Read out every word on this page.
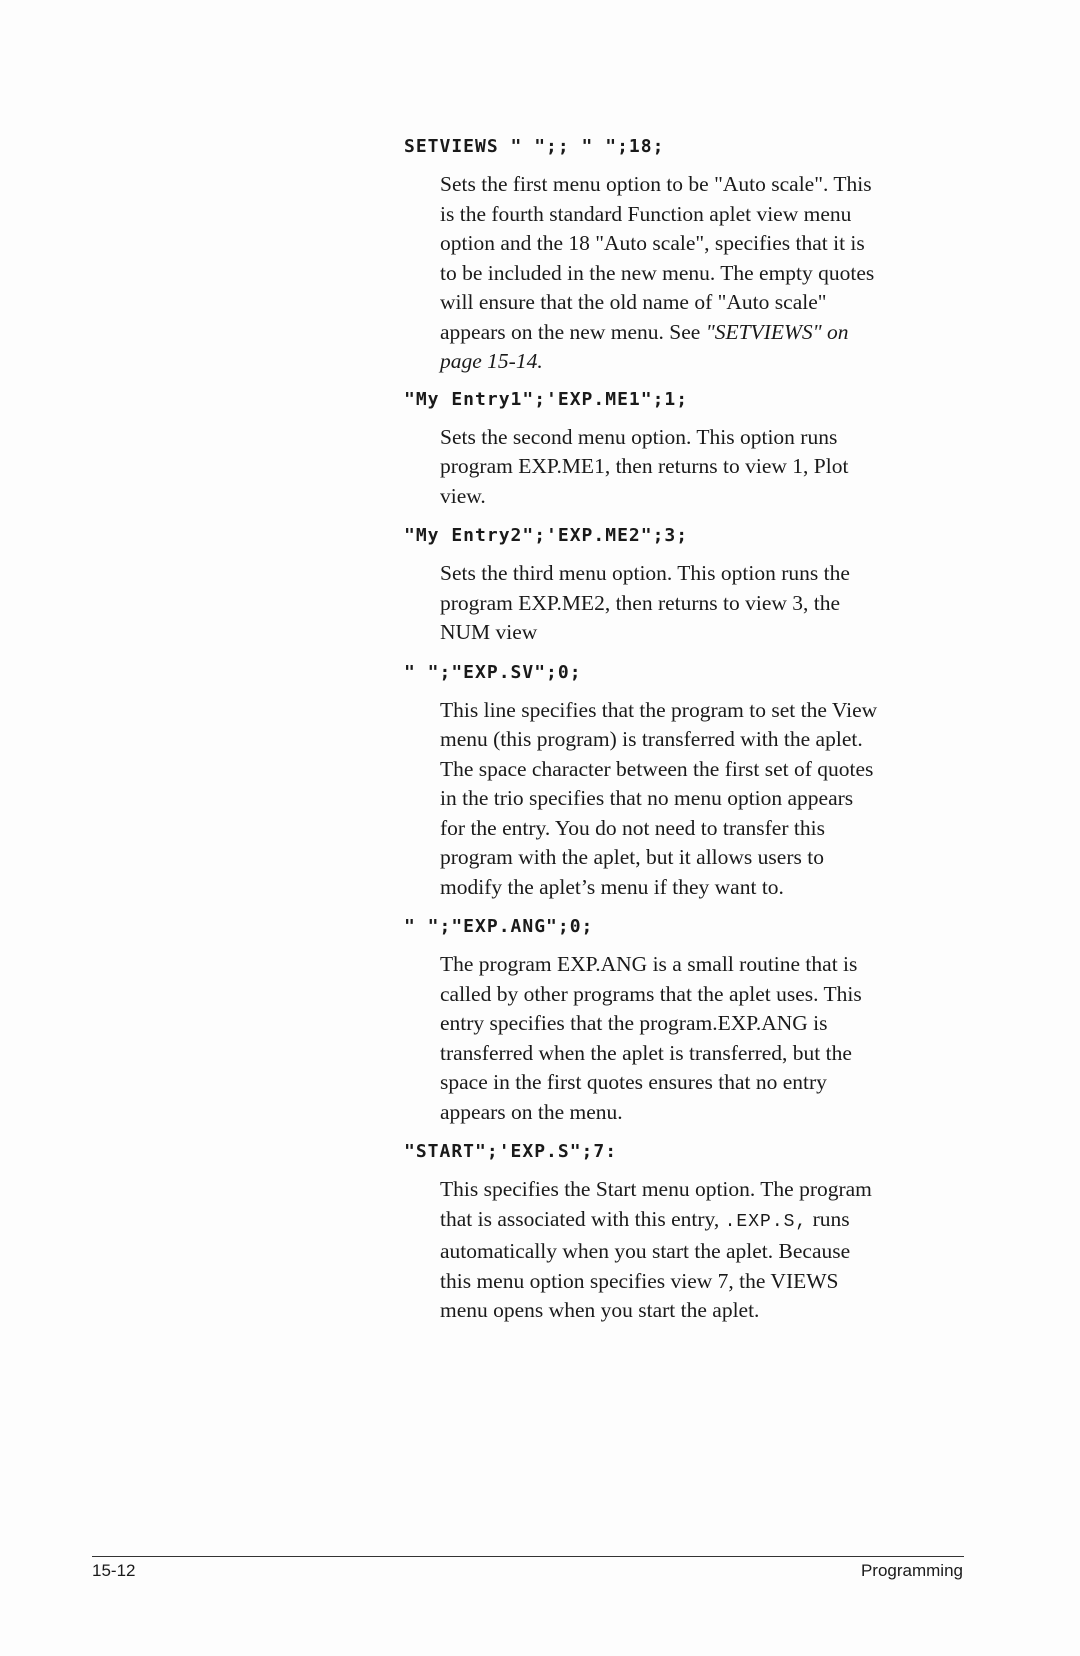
SETVIEWS " ";; " ";18;

Sets the first menu option to be "Auto scale". This is the fourth standard Function aplet view menu option and the 18 "Auto scale", specifies that it is to be included in the new menu. The empty quotes will ensure that the old name of "Auto scale" appears on the new menu. See "SETVIEWS" on page 15-14.

"My Entry1";'EXP.ME1";1;

Sets the second menu option. This option runs program EXP.ME1, then returns to view 1, Plot view.

"My Entry2";'EXP.ME2";3;

Sets the third menu option. This option runs the program EXP.ME2, then returns to view 3, the NUM view

" ";"EXP.SV";0;

This line specifies that the program to set the View menu (this program) is transferred with the aplet. The space character between the first set of quotes in the trio specifies that no menu option appears for the entry. You do not need to transfer this program with the aplet, but it allows users to modify the aplet’s menu if they want to.

" ";"EXP.ANG";0;

The program EXP.ANG is a small routine that is called by other programs that the aplet uses. This entry specifies that the program.EXP.ANG is transferred when the aplet is transferred, but the space in the first quotes ensures that no entry appears on the menu.

"START";'EXP.S";7:

This specifies the Start menu option. The program that is associated with this entry, .EXP.S, runs automatically when you start the aplet. Because this menu option specifies view 7, the VIEWS menu opens when you start the aplet.

15-12	Programming
